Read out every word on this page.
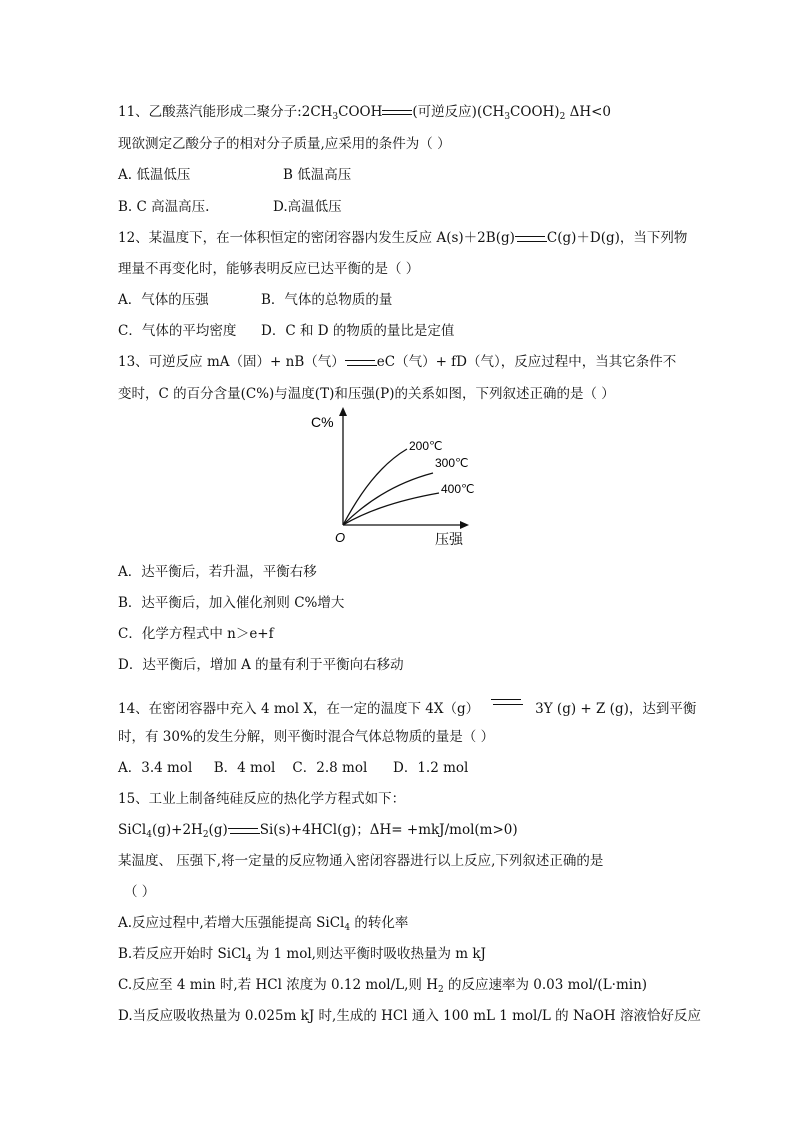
11、乙酸蒸汽能形成二聚分子$:2CH_3COOH$ (可逆反应)$(CH_3COOH)_2$ ΔH<0
现欲测定乙酸分子的相对分子质量,应采用的条件为（ ）
A. 低温低压	B 低温高压
B. C 高温高压.	D.高温低压
12、某温度下，在一体积恒定的密闭容器内发生反应 A(s)＋2B(g) C(g)＋D(g)，当下列物
理量不再变化时，能够表明反应已达平衡的是（ ）
A．气体的压强	B．气体的总物质的量
C．气体的平均密度 D．C 和 D 的物质的量比是定值
13、可逆反应 mA（固）+ nB（气） eC（气）+ fD（气），反应过程中，当其它条件不
变时，C 的百分含量(C%)与温度(T)和压强(P)的关系如图，下列叙述正确的是（ ）
C%
O	压强
200℃
300℃
400℃
A．达平衡后，若升温，平衡右移
B．达平衡后，加入催化剂则 C%增大
C．化学方程式中 n＞e+f
D．达平衡后，增加 A 的量有利于平衡向右移动
14、在密闭容器中充入 4 mol X，在一定的温度下 4X（g）	3Y (g) + Z (g)，达到平衡
时，有 30%的发生分解，则平衡时混合气体总物质的量是（ ）
A．3.4 mol     B．4 mol    C．2.8 mol      D．1.2 mol
15、工业上制备纯硅反应的热化学方程式如下：
$SiCl_4(g)+2H_2(g)$ Si(s)+4HCl(g)；ΔH= +mkJ/mol(m>0)
某温度、 压强下,将一定量的反应物通入密闭容器进行以上反应,下列叙述正确的是
（ ）
A.反应过程中,若增大压强能提高 SiCl$_4$ 的转化率
B.若反应开始时 SiCl$_4$ 为 1 mol,则达平衡时吸收热量为 m kJ
C.反应至 4 min 时,若 HCl 浓度为 0.12 mol/L,则 $H_2$ 的反应速率为 0.03 mol/(L·min)
D.当反应吸收热量为 0.025m kJ 时,生成的 HCl 通入 100 mL 1 mol/L 的 NaOH 溶液恰好反应
